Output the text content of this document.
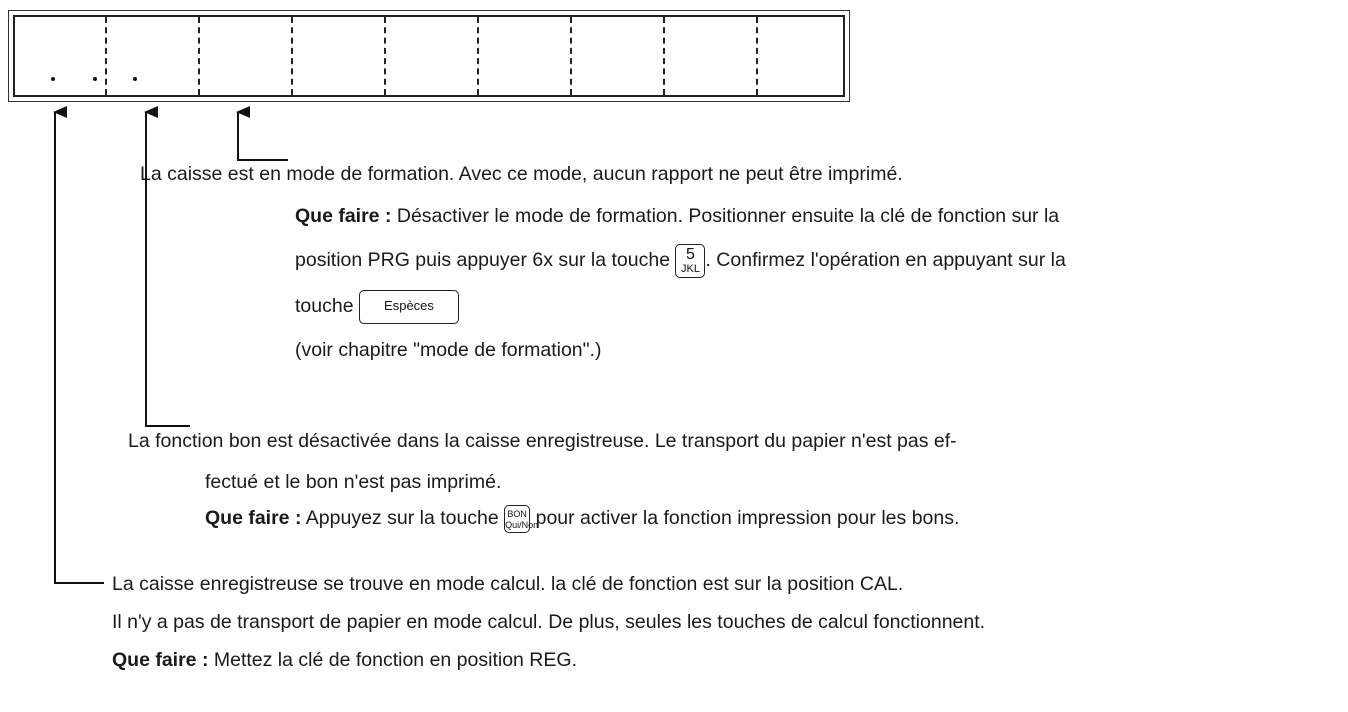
La caisse est en mode de formation. Avec ce mode, aucun rapport ne peut être imprimé.
Que faire : Désactiver le mode de formation. Positionner ensuite la clé de fonction sur la
position PRG puis appuyer 6x sur la touche 5
JKL . Confirmez l'opération en appuyant sur la
touche Espèces
(voir chapitre "mode de formation".)
La fonction bon est désactivée dans la caisse enregistreuse. Le transport du papier n'est pas ef-
fectué et le bon n'est pas imprimé.
Que faire : Appuyez sur la touche BON
Qui/Non
pour activer la fonction impression pour les bons.
La caisse enregistreuse se trouve en mode calcul. la clé de fonction est sur la position CAL.
Il n'y a pas de transport de papier en mode calcul. De plus, seules les touches de calcul fonctionnent.
Que faire : Mettez la clé de fonction en position REG.
